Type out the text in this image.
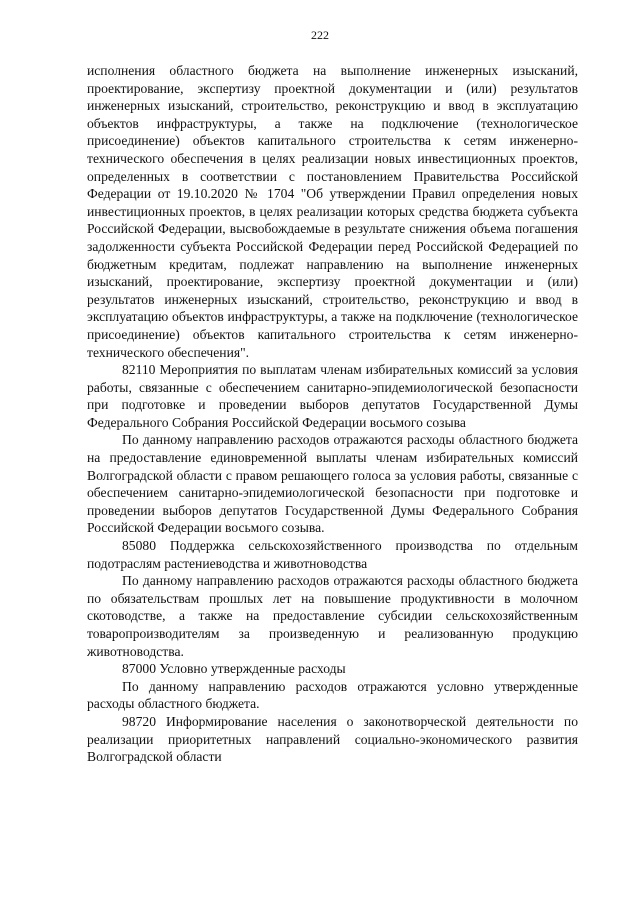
222

исполнения областного бюджета на выполнение инженерных изысканий, проектирование, экспертизу проектной документации и (или) результатов инженерных изысканий, строительство, реконструкцию и ввод в эксплуатацию объектов инфраструктуры, а также на подключение (технологическое присоединение) объектов капитального строительства к сетям инженерно-технического обеспечения в целях реализации новых инвестиционных проектов, определенных в соответствии с постановлением Правительства Российской Федерации от 19.10.2020 № 1704 "Об утверждении Правил определения новых инвестиционных проектов, в целях реализации которых средства бюджета субъекта Российской Федерации, высвобождаемые в результате снижения объема погашения задолженности субъекта Российской Федерации перед Российской Федерацией по бюджетным кредитам, подлежат направлению на выполнение инженерных изысканий, проектирование, экспертизу проектной документации и (или) результатов инженерных изысканий, строительство, реконструкцию и ввод в эксплуатацию объектов инфраструктуры, а также на подключение (технологическое присоединение) объектов капитального строительства к сетям инженерно-технического обеспечения".

82110 Мероприятия по выплатам членам избирательных комиссий за условия работы, связанные с обеспечением санитарно-эпидемиологической безопасности при подготовке и проведении выборов депутатов Государственной Думы Федерального Собрания Российской Федерации восьмого созыва

По данному направлению расходов отражаются расходы областного бюджета на предоставление единовременной выплаты членам избирательных комиссий Волгоградской области с правом решающего голоса за условия работы, связанные с обеспечением санитарно-эпидемиологической безопасности при подготовке и проведении выборов депутатов Государственной Думы Федерального Собрания Российской Федерации восьмого созыва.

85080 Поддержка сельскохозяйственного производства по отдельным подотраслям растениеводства и животноводства

По данному направлению расходов отражаются расходы областного бюджета по обязательствам прошлых лет на повышение продуктивности в молочном скотоводстве, а также на предоставление субсидии сельскохозяйственным товаропроизводителям за произведенную и реализованную продукцию животноводства.

87000 Условно утвержденные расходы

По данному направлению расходов отражаются условно утвержденные расходы областного бюджета.

98720 Информирование населения о законотворческой деятельности по реализации приоритетных направлений социально-экономического развития Волгоградской области
